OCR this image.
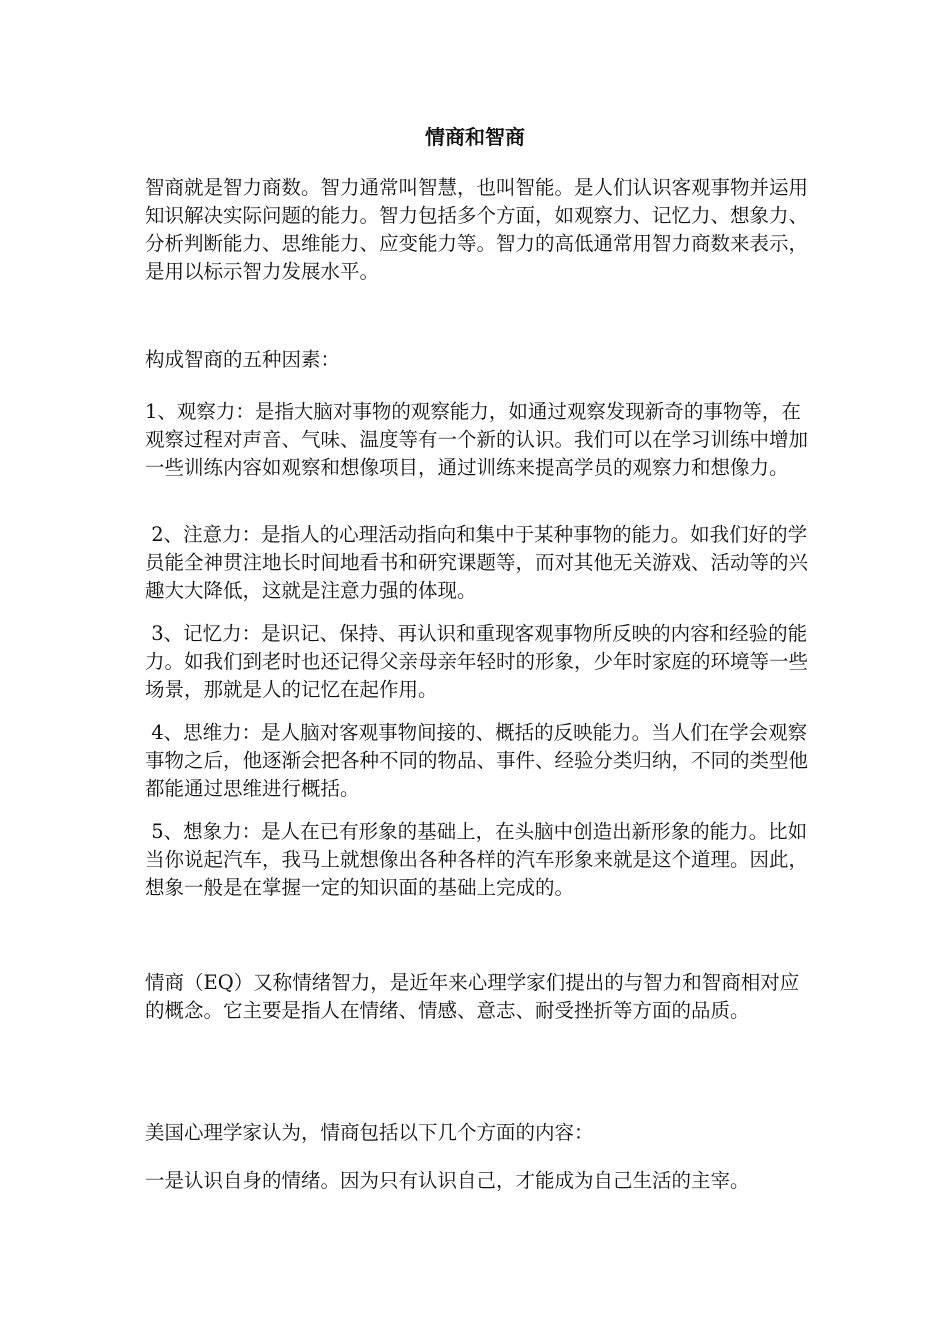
情商和智商

智商就是智力商数。智力通常叫智慧，也叫智能。是人们认识客观事物并运用知识解决实际问题的能力。智力包括多个方面，如观察力、记忆力、想象力、分析判断能力、思维能力、应变能力等。智力的高低通常用智力商数来表示，是用以标示智力发展水平。

构成智商的五种因素：

1、观察力：是指大脑对事物的观察能力，如通过观察发现新奇的事物等，在观察过程对声音、气味、温度等有一个新的认识。我们可以在学习训练中增加一些训练内容如观察和想像项目，通过训练来提高学员的观察力和想像力。

2、注意力：是指人的心理活动指向和集中于某种事物的能力。如我们好的学员能全神贯注地长时间地看书和研究课题等，而对其他无关游戏、活动等的兴趣大大降低，这就是注意力强的体现。

3、记忆力：是识记、保持、再认识和重现客观事物所反映的内容和经验的能力。如我们到老时也还记得父亲母亲年轻时的形象，少年时家庭的环境等一些场景，那就是人的记忆在起作用。

4、思维力：是人脑对客观事物间接的、概括的反映能力。当人们在学会观察事物之后，他逐渐会把各种不同的物品、事件、经验分类归纳，不同的类型他都能通过思维进行概括。

5、想象力：是人在已有形象的基础上，在头脑中创造出新形象的能力。比如当你说起汽车，我马上就想像出各种各样的汽车形象来就是这个道理。因此，想象一般是在掌握一定的知识面的基础上完成的。

情商（EQ）又称情绪智力，是近年来心理学家们提出的与智力和智商相对应的概念。它主要是指人在情绪、情感、意志、耐受挫折等方面的品质。

美国心理学家认为，情商包括以下几个方面的内容：

一是认识自身的情绪。因为只有认识自己，才能成为自己生活的主宰。
